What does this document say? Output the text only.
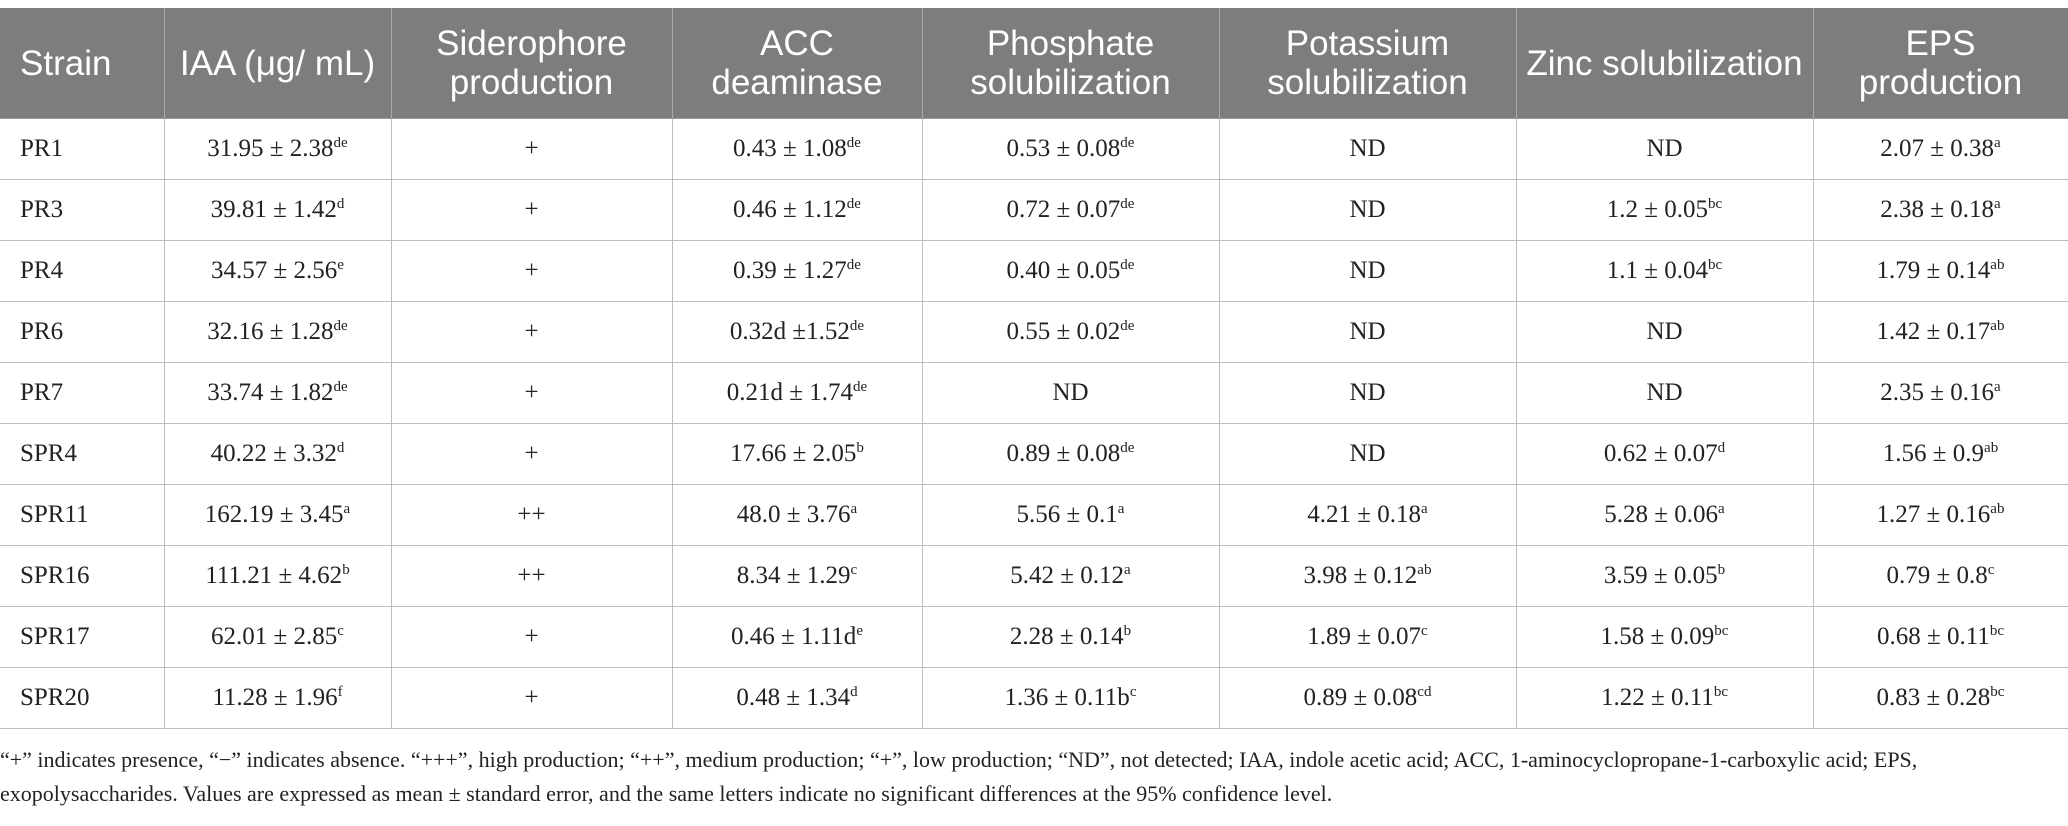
Strain	IAA (μg/ mL)	Siderophore production	ACC deaminase	Phosphate solubilization	Potassium solubilization	Zinc solubilization	EPS production
PR1	31.95 ± 2.38de	+	0.43 ± 1.08de	0.53 ± 0.08de	ND	ND	2.07 ± 0.38$^a$
PR3	39.81 ± 1.42$^d$	+	0.46 ± 1.12de	0.72 ± 0.07de	ND	1.2 ± 0.05$^{bc}$	2.38 ± 0.18$^a$
PR4	34.57 ± 2.56$^e$	+	0.39 ± 1.27de	0.40 ± 0.05de	ND	1.1 ± 0.04$^{bc}$	1.79 ± 0.14$^{ab}$
PR6	32.16 ± 1.28de	+	0.32d ±1.52de	0.55 ± 0.02de	ND	ND	1.42 ± 0.17$^{ab}$
PR7	33.74 ± 1.82de	+	0.21d ± 1.74de	ND	ND	ND	2.35 ± 0.16$^a$
SPR4	40.22 ± 3.32$^d$	+	17.66 ± 2.05$^b$	0.89 ± 0.08de	ND	0.62 ± 0.07$^d$	1.56 ± 0.9$^{ab}$
SPR11	162.19 ± 3.45$^a$	++	48.0 ± 3.76$^a$	5.56 ± 0.1$^a$	4.21 ± 0.18$^a$	5.28 ± 0.06$^a$	1.27 ± 0.16$^{ab}$
SPR16	111.21 ± 4.62$^b$	++	8.34 ± 1.29$^c$	5.42 ± 0.12$^a$	3.98 ± 0.12$^{ab}$	3.59 ± 0.05$^b$	0.79 ± 0.8$^c$
SPR17	62.01 ± 2.85$^c$	+	$0.46 \pm 1.11d^e$	2.28 ± 0.14$^b$	1.89 ± 0.07$^c$	1.58 ± 0.09$^{bc}$	0.68 ± 0.11$^{bc}$
SPR20	11.28 ± 1.96$^f$	+	0.48 ± 1.34$^d$	$1.36 \pm 0.11b^c$	0.89 ± 0.08$^{cd}$	1.22 ± 0.11$^{bc}$	0.83 ± 0.28$^{bc}$

“+” indicates presence, “−” indicates absence. “+++”, high production; “++”, medium production; “+”, low production; “ND”, not detected; IAA, indole acetic acid; ACC, 1-aminocyclopropane-1-carboxylic acid; EPS, exopolysaccharides. Values are expressed as mean ± standard error, and the same letters indicate no significant differences at the 95% confidence level.
